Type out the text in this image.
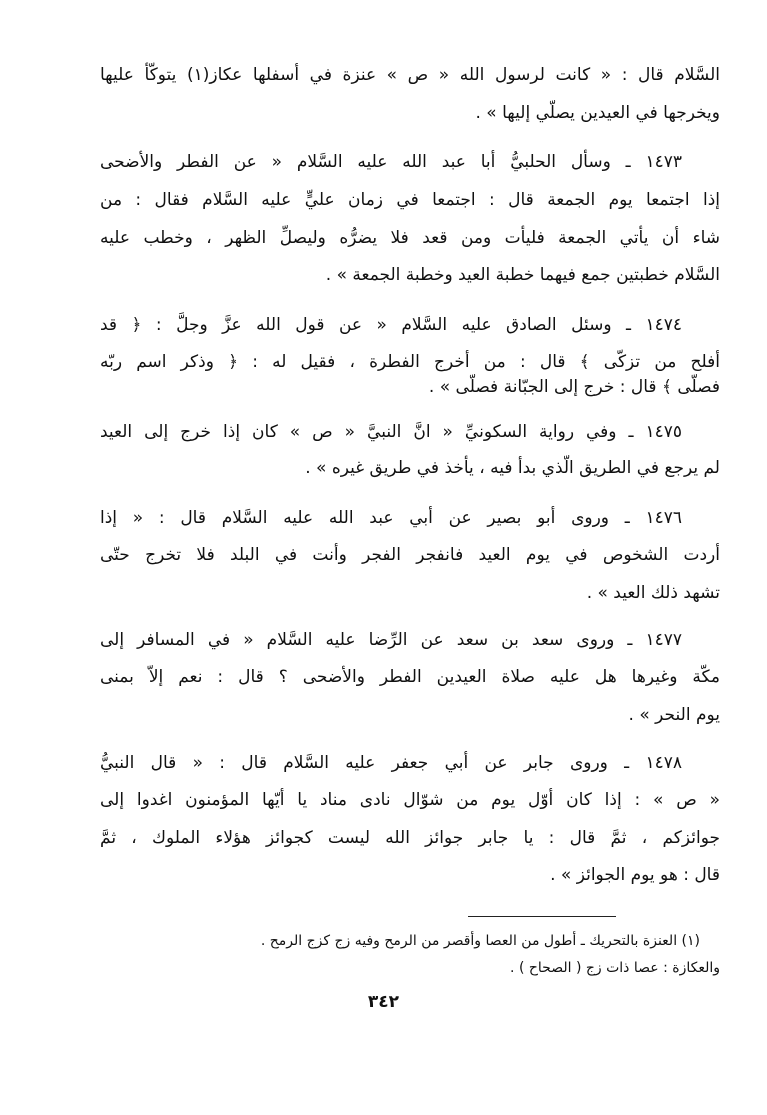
السَّلام قال : « كانت لرسول الله « ص » عنزة في أسفلها عكاز(١) يتوكّأ عليها
ويخرجها في العيدين يصلّي إليها » .
١٤٧٣ ـ وسأل الحلبيُّ أبا عبد الله عليه السَّلام « عن الفطر والأضحى
إذا اجتمعا يوم الجمعة قال : اجتمعا في زمان عليٍّ عليه السَّلام فقال : من
شاء أن يأتي الجمعة فليأت ومن قعد فلا يضرُّه وليصلِّ الظهر ، وخطب عليه
السَّلام خطبتين جمع فيهما خطبة العيد وخطبة الجمعة » .
١٤٧٤ ـ وسئل الصادق عليه السَّلام « عن قول الله عزَّ وجلَّ : ﴿ قد
أفلح من تزكّى ﴾ قال : من أخرج الفطرة ، فقيل له : ﴿ وذكر اسم ربّه
فصلّى ﴾ قال : خرج إلى الجبّانة فصلّى » .
١٤٧٥ ـ وفي رواية السكونيِّ « انَّ النبيَّ « ص » كان إذا خرج إلى العيد
لم يرجع في الطريق الّذي بدأ فيه ، يأخذ في طريق غيره » .
١٤٧٦ ـ وروى أبو بصير عن أبي عبد الله عليه السَّلام قال : « إذا
أردت الشخوص في يوم العيد فانفجر الفجر وأنت في البلد فلا تخرج حتّى
تشهد ذلك العيد » .
١٤٧٧ ـ وروى سعد بن سعد عن الرِّضا عليه السَّلام « في المسافر إلى
مكّة وغيرها هل عليه صلاة العيدين الفطر والأضحى ؟ قال : نعم إلاّ بمنى
يوم النحر » .
١٤٧٨ ـ وروى جابر عن أبي جعفر عليه السَّلام قال : « قال النبيُّ
« ص » : إذا كان أوّل يوم من شوّال نادى مناد يا أيّها المؤمنون اغدوا إلى
جوائزكم ، ثمَّ قال : يا جابر جوائز الله ليست كجوائز هؤلاء الملوك ، ثمَّ
قال : هو يوم الجوائز » .
(١) العنزة بالتحريك ـ أطول من العصا وأقصر من الرمح وفيه زج كزج الرمح .
والعكازة : عصا ذات زج ( الصحاح ) .
٣٤٢
